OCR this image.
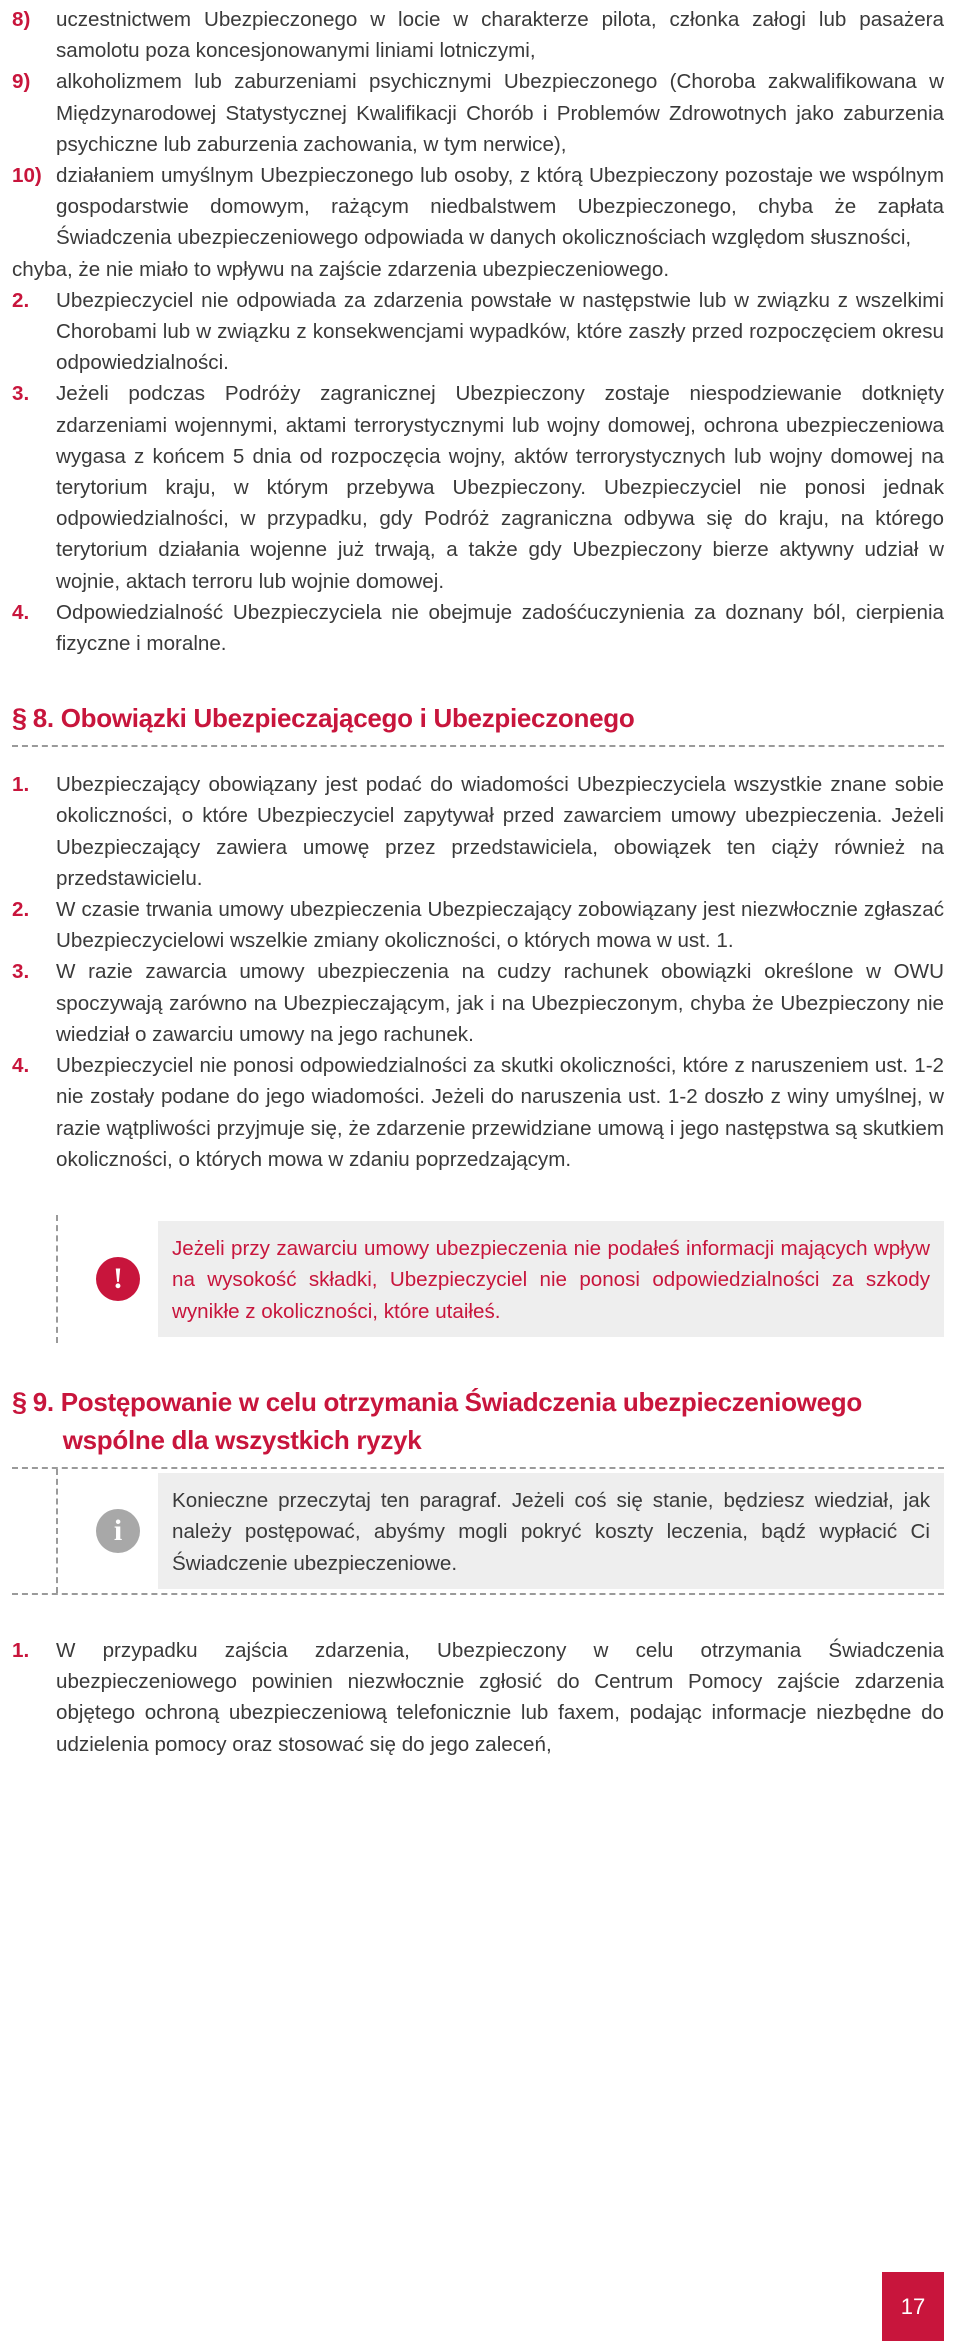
8) uczestnictwem Ubezpieczonego w locie w charakterze pilota, członka załogi lub pasażera samolotu poza koncesjonowanymi liniami lotniczymi,

9) alkoholizmem lub zaburzeniami psychicznymi Ubezpieczonego (Choroba zakwalifikowana w Międzynarodowej Statystycznej Kwalifikacji Chorób i Problemów Zdrowotnych jako zaburzenia psychiczne lub zaburzenia zachowania, w tym nerwice),

10) działaniem umyślnym Ubezpieczonego lub osoby, z którą Ubezpieczony pozostaje we wspólnym gospodarstwie domowym, rażącym niedbalstwem Ubezpieczonego, chyba że zapłata Świadczenia ubezpieczeniowego odpowiada w danych okolicznościach względom słuszności,

chyba, że nie miało to wpływu na zajście zdarzenia ubezpieczeniowego.

2. Ubezpieczyciel nie odpowiada za zdarzenia powstałe w następstwie lub w związku z wszelkimi Chorobami lub w związku z konsekwencjami wypadków, które zaszły przed rozpoczęciem okresu odpowiedzialności.

3. Jeżeli podczas Podróży zagranicznej Ubezpieczony zostaje niespodziewanie dotknięty zdarzeniami wojennymi, aktami terrorystycznymi lub wojny domowej, ochrona ubezpieczeniowa wygasa z końcem 5 dnia od rozpoczęcia wojny, aktów terrorystycznych lub wojny domowej na terytorium kraju, w którym przebywa Ubezpieczony. Ubezpieczyciel nie ponosi jednak odpowiedzialności, w przypadku, gdy Podróż zagraniczna odbywa się do kraju, na którego terytorium działania wojenne już trwają, a także gdy Ubezpieczony bierze aktywny udział w wojnie, aktach terroru lub wojnie domowej.

4. Odpowiedzialność Ubezpieczyciela nie obejmuje zadośćuczynienia za doznany ból, cierpienia fizyczne i moralne.

§ 8. Obowiązki Ubezpieczającego i Ubezpieczonego

1. Ubezpieczający obowiązany jest podać do wiadomości Ubezpieczyciela wszystkie znane sobie okoliczności, o które Ubezpieczyciel zapytywał przed zawarciem umowy ubezpieczenia. Jeżeli Ubezpieczający zawiera umowę przez przedstawiciela, obowiązek ten ciąży również na przedstawicielu.

2. W czasie trwania umowy ubezpieczenia Ubezpieczający zobowiązany jest niezwłocznie zgłaszać Ubezpieczycielowi wszelkie zmiany okoliczności, o których mowa w ust. 1.

3. W razie zawarcia umowy ubezpieczenia na cudzy rachunek obowiązki określone w OWU spoczywają zarówno na Ubezpieczającym, jak i na Ubezpieczonym, chyba że Ubezpieczony nie wiedział o zawarciu umowy na jego rachunek.

4. Ubezpieczyciel nie ponosi odpowiedzialności za skutki okoliczności, które z naruszeniem ust. 1-2 nie zostały podane do jego wiadomości. Jeżeli do naruszenia ust. 1-2 doszło z winy umyślnej, w razie wątpliwości przyjmuje się, że zdarzenie przewidziane umową i jego następstwa są skutkiem okoliczności, o których mowa w zdaniu poprzedzającym.

!
Jeżeli przy zawarciu umowy ubezpieczenia nie podałeś informacji mających wpływ na wysokość składki, Ubezpieczyciel nie ponosi odpowiedzialności za szkody wynikłe z okoliczności, które utaiłeś.
§ 9. Postępowanie w celu otrzymania Świadczenia ubezpieczeniowego
wspólne dla wszystkich ryzyk
i
Konieczne przeczytaj ten paragraf. Jeżeli coś się stanie, będziesz wiedział, jak należy postępować, abyśmy mogli pokryć koszty leczenia, bądź wypłacić Ci Świadczenie ubezpieczeniowe.

1. W przypadku zajścia zdarzenia, Ubezpieczony w celu otrzymania Świadczenia ubezpieczeniowego powinien niezwłocznie zgłosić do Centrum Pomocy zajście zdarzenia objętego ochroną ubezpieczeniową telefonicznie lub faxem, podając informacje niezbędne do udzielenia pomocy oraz stosować się do jego zaleceń,

17
